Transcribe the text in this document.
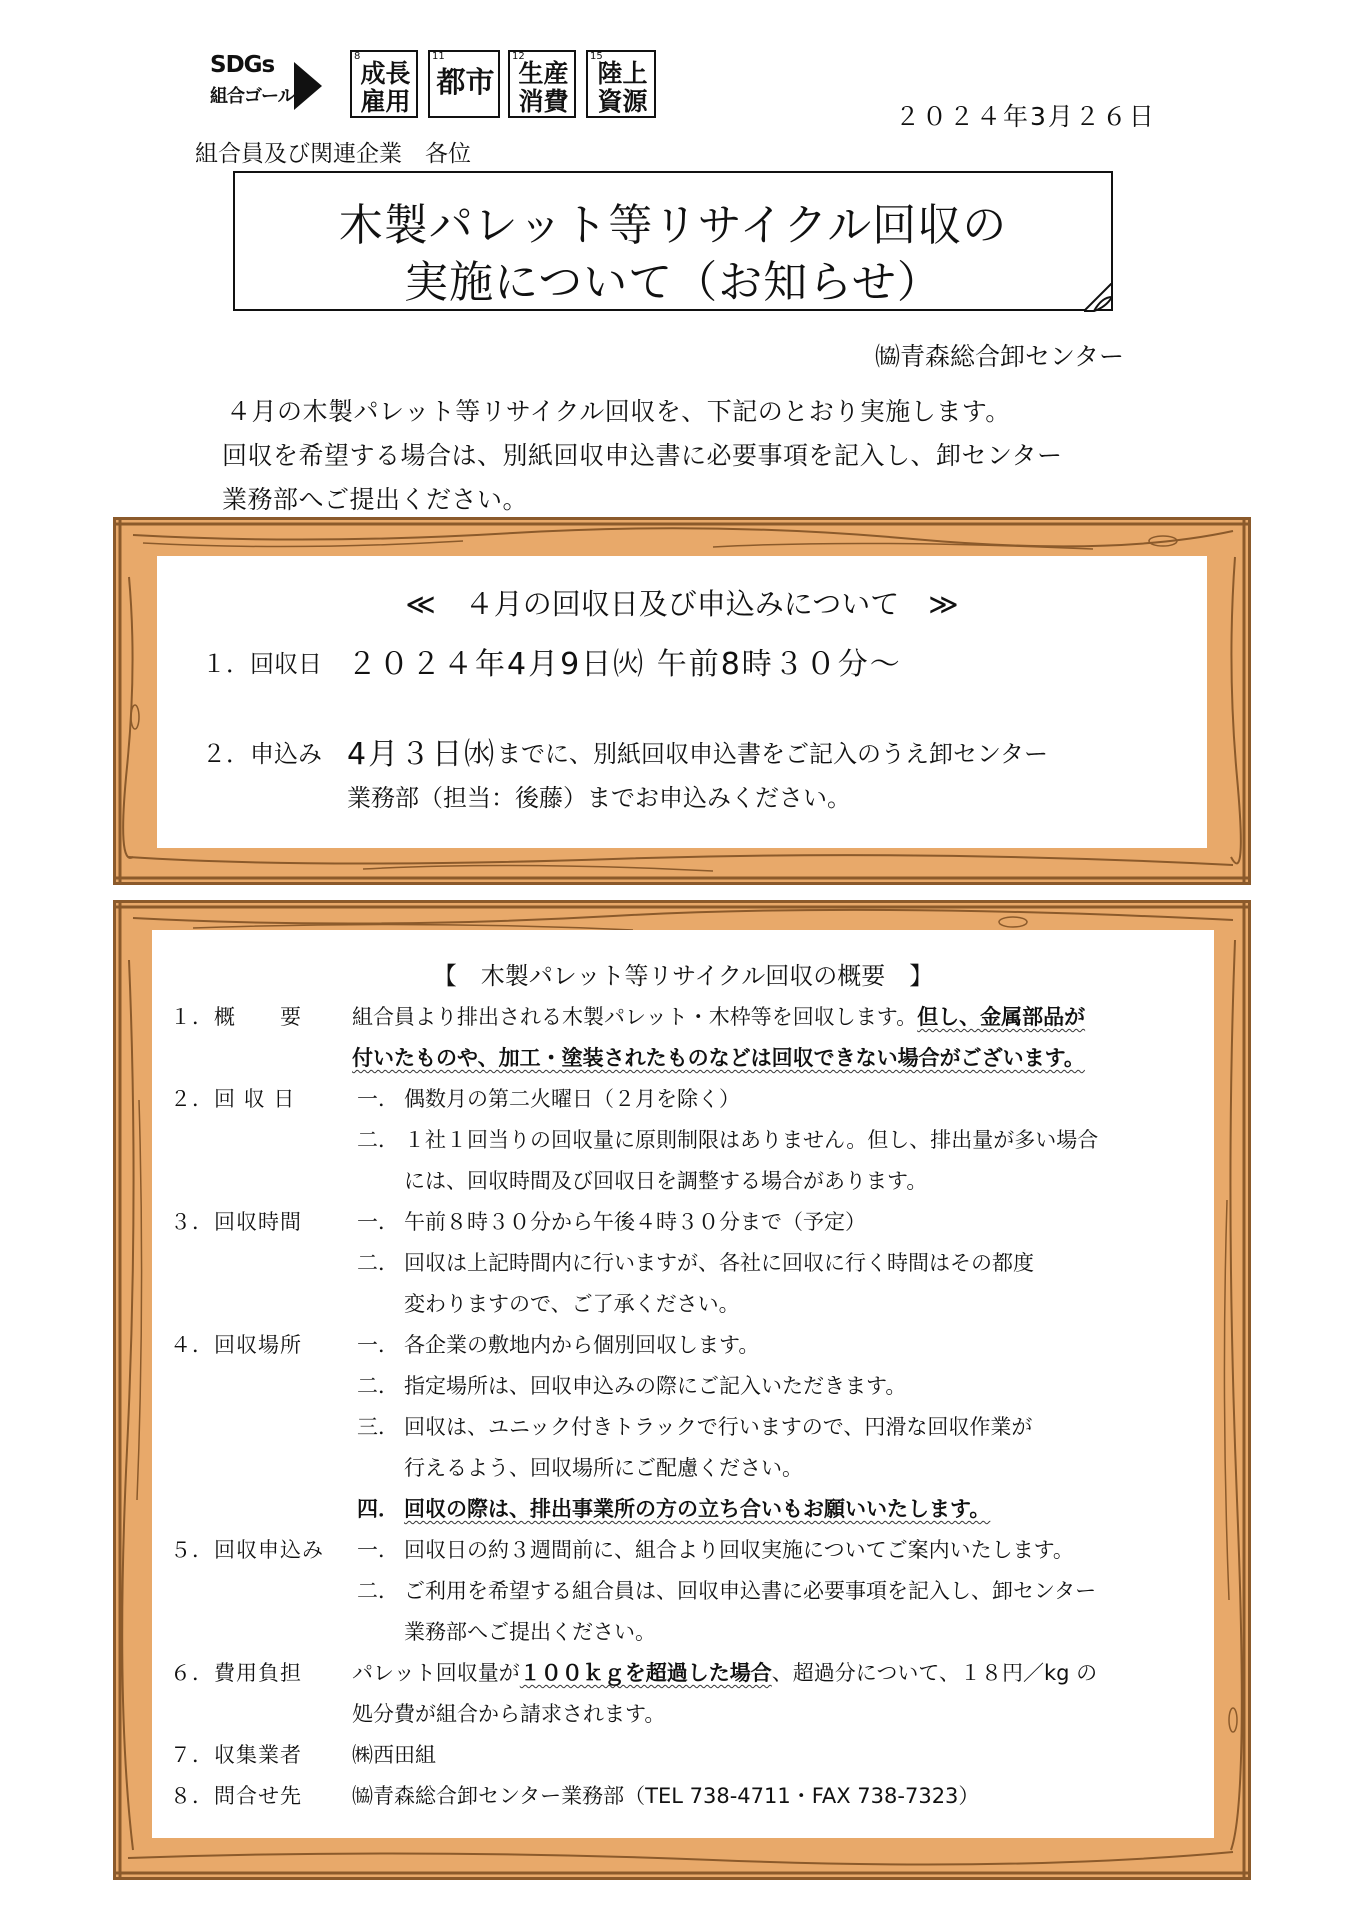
SDGs
組合ゴール
8
成長
雇用
11
都市
12
生産
消費
15
陸上
資源
２０２４年3月２６日
組合員及び関連企業　各位
木製パレット等リサイクル回収の
実施について（お知らせ）
㈿青森総合卸センター
４月の木製パレット等リサイクル回収を、下記のとおり実施します。
回収を希望する場合は、別紙回収申込書に必要事項を記入し、卸センター
業務部へご提出ください。
≪　４月の回収日及び申込みについて　≫
１．回収日 ２０２４年4月9日㈫ 午前8時３０分～
２．申込み 4月３日㈬ までに、別紙回収申込書をご記入のうえ卸センター
業務部（担当：後藤）までお申込みください。
【　木製パレット等リサイクル回収の概要　】
１．概　　要 組合員より排出される木製パレット・木枠等を回収します。但し、金属部品が
付いたものや、加工・塗装されたものなどは回収できない場合がございます。
２．回 収 日	一． 偶数月の第二火曜日（２月を除く）
二． １社１回当りの回収量に原則制限はありません。但し、排出量が多い場合
には、回収時間及び回収日を調整する場合があります。
３．回収時間	一． 午前８時３０分から午後４時３０分まで（予定）
二． 回収は上記時間内に行いますが、各社に回収に行く時間はその都度
変わりますので、ご了承ください。
４．回収場所	一． 各企業の敷地内から個別回収します。
二． 指定場所は、回収申込みの際にご記入いただきます。
三． 回収は、ユニック付きトラックで行いますので、円滑な回収作業が
行えるよう、回収場所にご配慮ください。
四． 回収の際は、排出事業所の方の立ち合いもお願いいたします。
５．回収申込み 一． 回収日の約３週間前に、組合より回収実施についてご案内いたします。
二． ご利用を希望する組合員は、回収申込書に必要事項を記入し、卸センター
業務部へご提出ください。
６．費用負担 パレット回収量が１００ｋｇを超過した場合、超過分について、１８円／kg の
処分費が組合から請求されます。
７．収集業者 ㈱西田組
８．問合せ先 ㈿青森総合卸センター業務部（TEL 738-4711・FAX 738-7323）
